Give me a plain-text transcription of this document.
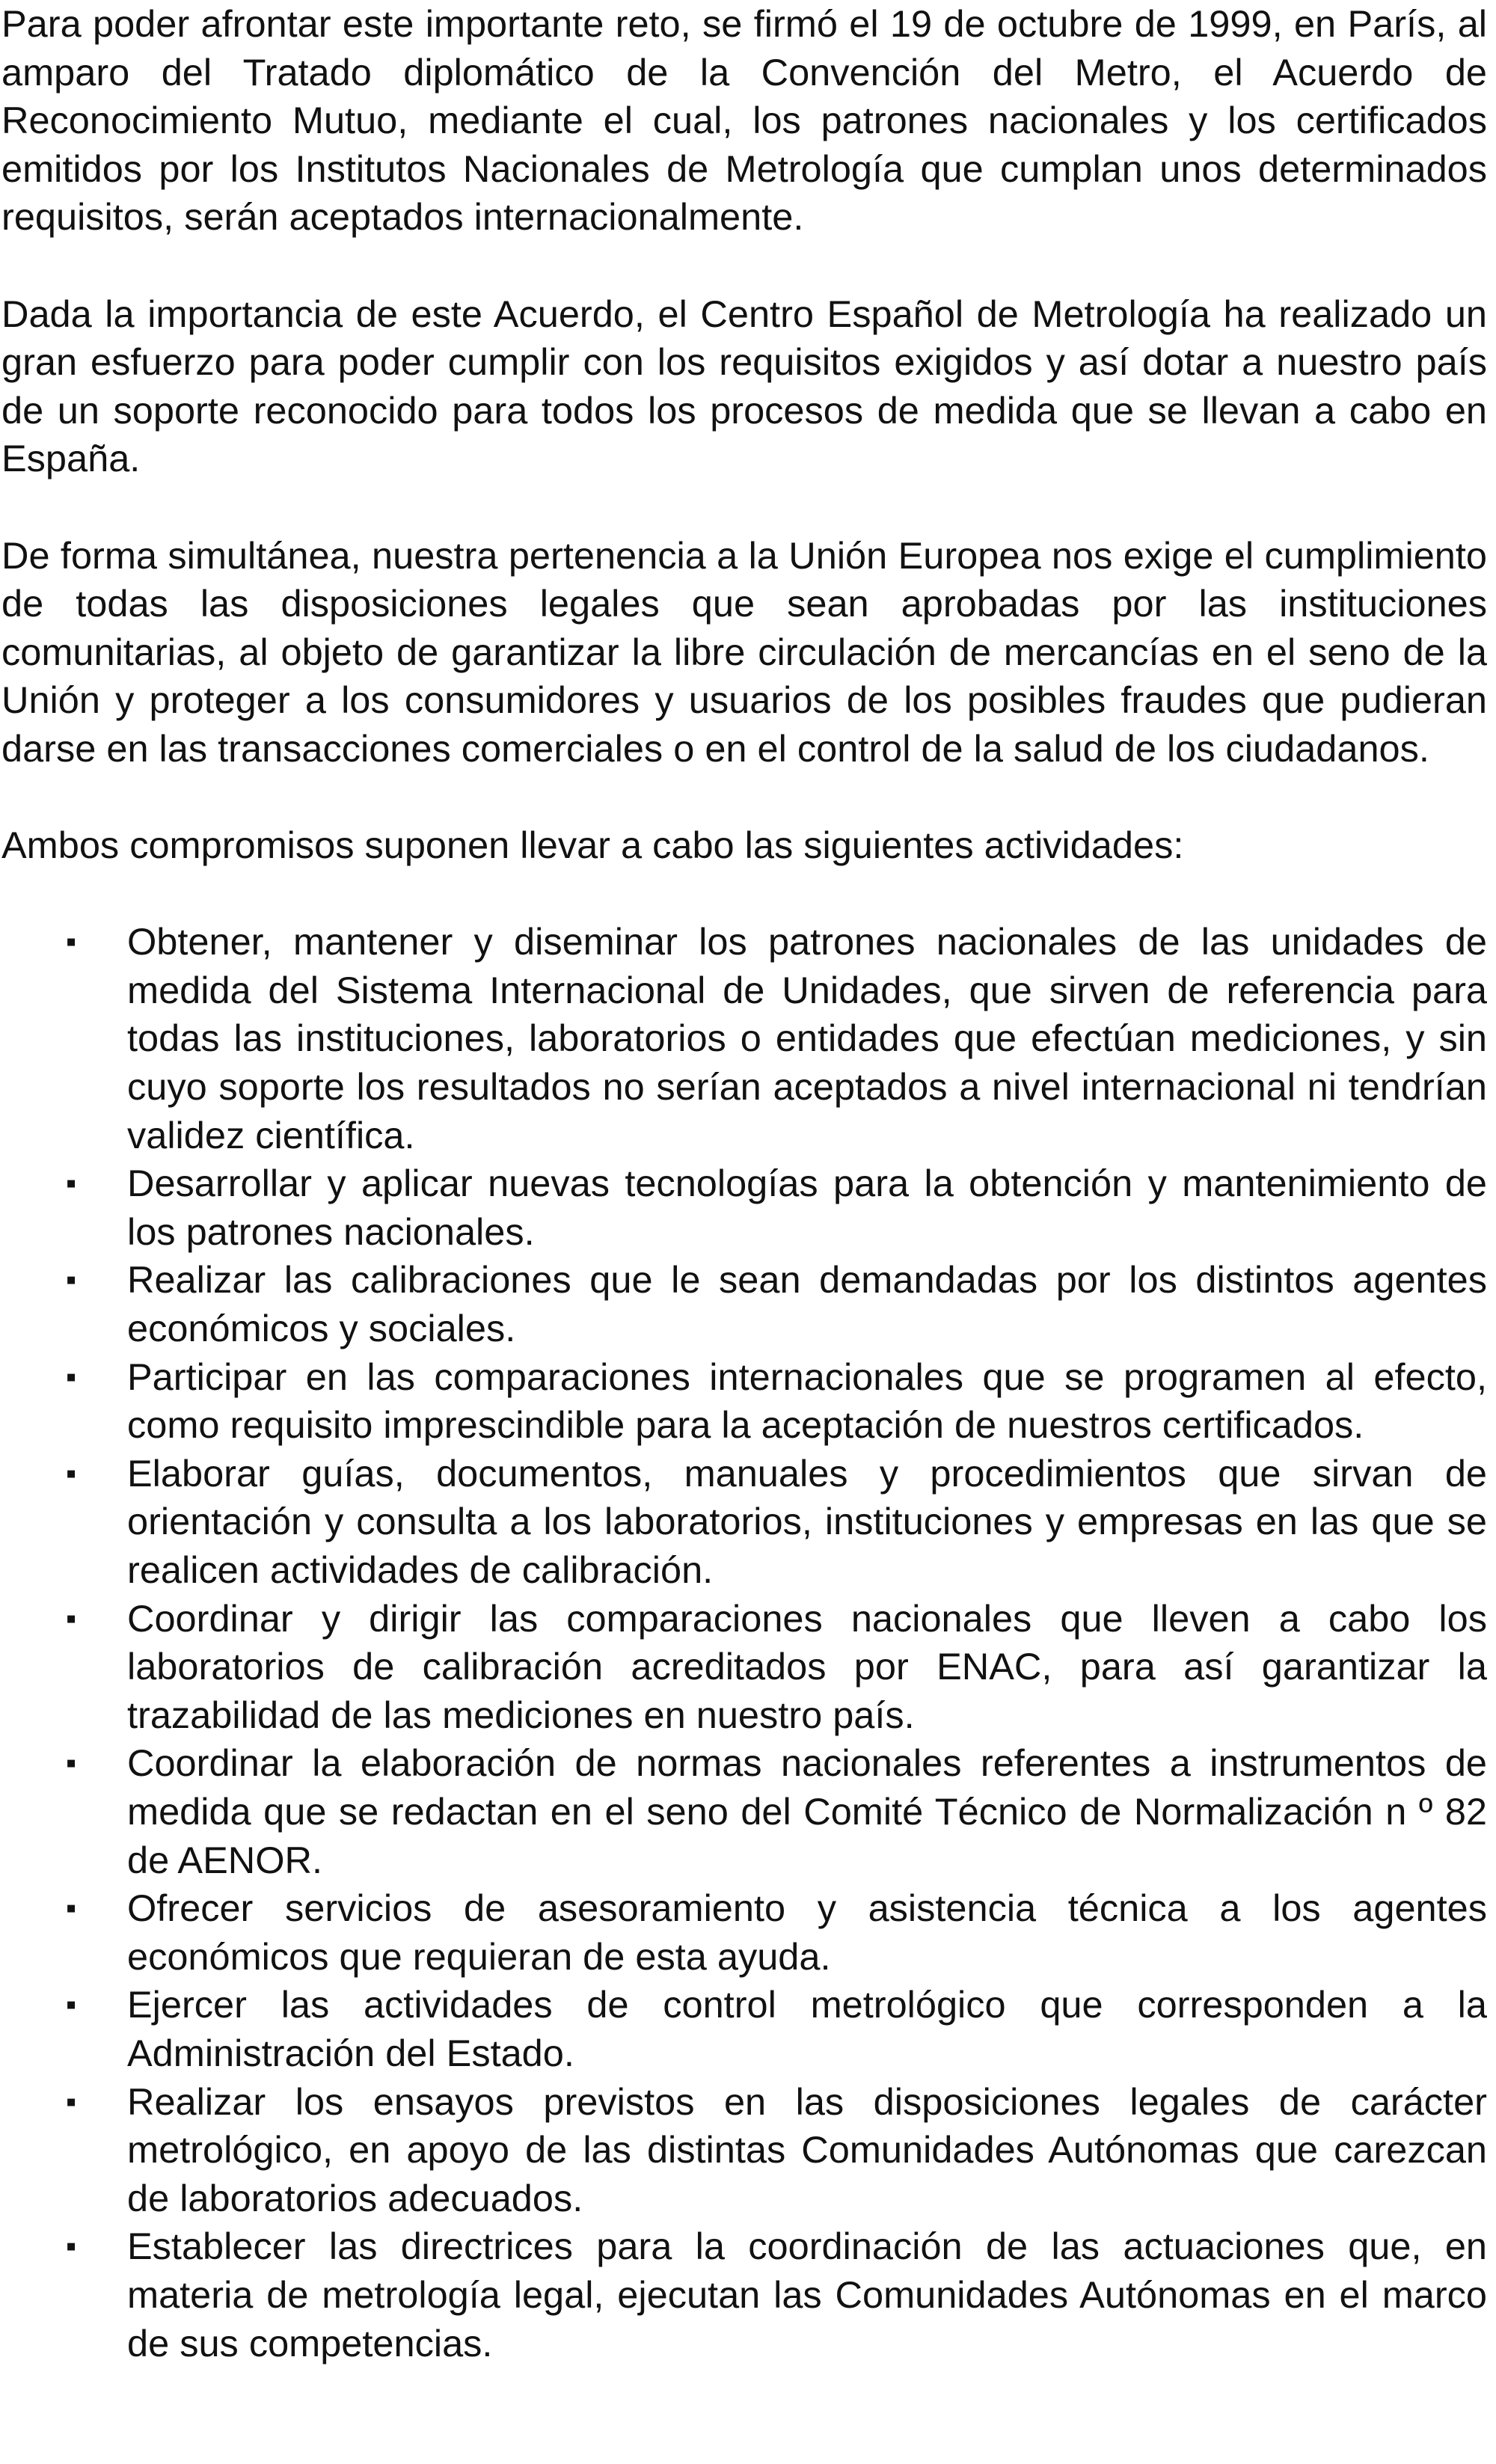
Para poder afrontar este importante reto, se firmó el 19 de octubre de 1999, en París, al amparo del Tratado diplomático de la Convención del Metro, el Acuerdo de Reconocimiento Mutuo, mediante el cual, los patrones nacionales y los certificados emitidos por los Institutos Nacionales de Metrología que cumplan unos determinados requisitos, serán aceptados internacionalmente.

Dada la importancia de este Acuerdo, el Centro Español de Metrología ha realizado un gran esfuerzo para poder cumplir con los requisitos exigidos y así dotar a nuestro país de un soporte reconocido para todos los procesos de medida que se llevan a cabo en España.

De forma simultánea, nuestra pertenencia a la Unión Europea nos exige el cumplimiento de todas las disposiciones legales que sean aprobadas por las instituciones comunitarias, al objeto de garantizar la libre circulación de mercancías en el seno de la Unión y proteger a los consumidores y usuarios de los posibles fraudes que pudieran darse en las transacciones comerciales o en el control de la salud de los ciudadanos.

Ambos compromisos suponen llevar a cabo las siguientes actividades:

▪ Obtener, mantener y diseminar los patrones nacionales de las unidades de medida del Sistema Internacional de Unidades, que sirven de referencia para todas las instituciones, laboratorios o entidades que efectúan mediciones, y sin cuyo soporte los resultados no serían aceptados a nivel internacional ni tendrían validez científica.
▪ Desarrollar y aplicar nuevas tecnologías para la obtención y mantenimiento de los patrones nacionales.
▪ Realizar las calibraciones que le sean demandadas por los distintos agentes económicos y sociales.
▪ Participar en las comparaciones internacionales que se programen al efecto, como requisito imprescindible para la aceptación de nuestros certificados.
▪ Elaborar guías, documentos, manuales y procedimientos que sirvan de orientación y consulta a los laboratorios, instituciones y empresas en las que se realicen actividades de calibración.
▪ Coordinar y dirigir las comparaciones nacionales que lleven a cabo los laboratorios de calibración acreditados por ENAC, para así garantizar la trazabilidad de las mediciones en nuestro país.
▪ Coordinar la elaboración de normas nacionales referentes a instrumentos de medida que se redactan en el seno del Comité Técnico de Normalización n º 82 de AENOR.
▪ Ofrecer servicios de asesoramiento y asistencia técnica a los agentes económicos que requieran de esta ayuda.
▪ Ejercer las actividades de control metrológico que corresponden a la Administración del Estado.
▪ Realizar los ensayos previstos en las disposiciones legales de carácter metrológico, en apoyo de las distintas Comunidades Autónomas que carezcan de laboratorios adecuados.
▪ Establecer las directrices para la coordinación de las actuaciones que, en materia de metrología legal, ejecutan las Comunidades Autónomas en el marco de sus competencias.
